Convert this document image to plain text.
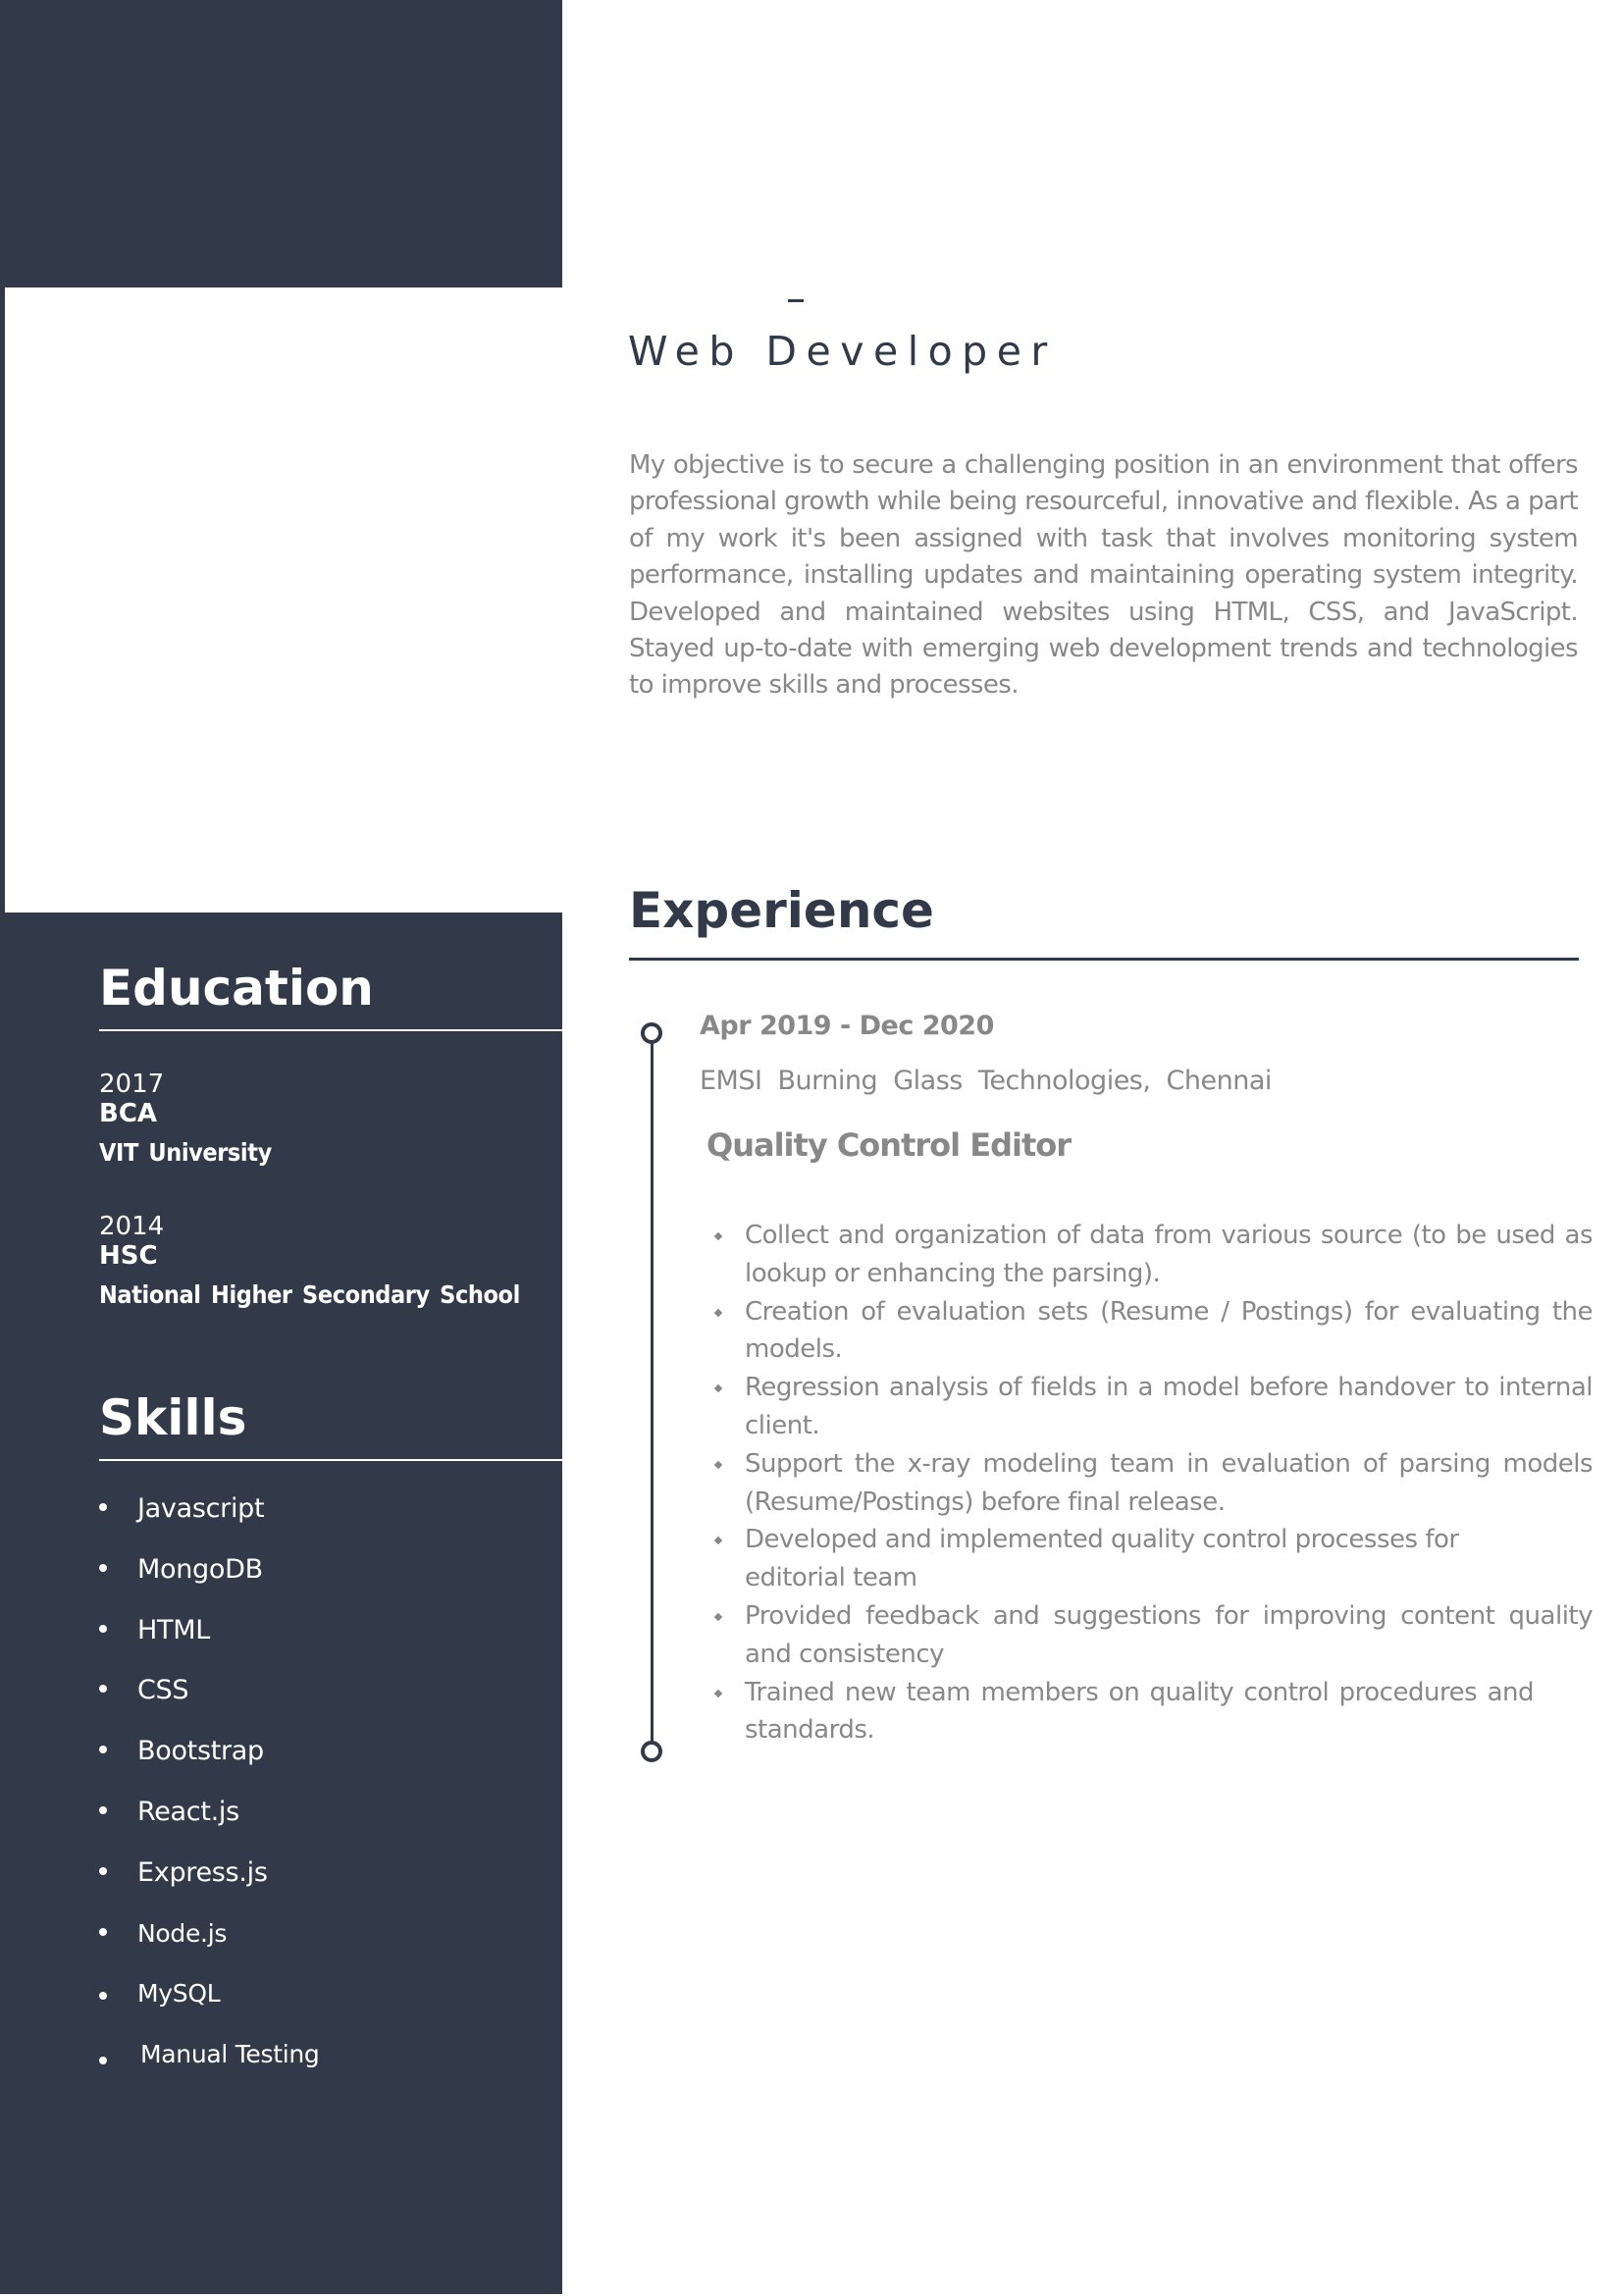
Education
2017
BCA
VIT University
2014
HSC
National Higher Secondary School
Skills
Javascript
MongoDB
HTML
CSS
Bootstrap
React.js
Express.js
Node.js
MySQL
Manual Testing
Web Developer

My objective is to secure a challenging position in an environment that offers professional growth while being resourceful, innovative and flexible. As a part of my work it's been assigned with task that involves monitoring system performance, installing updates and maintaining operating system integrity. Developed and maintained websites using HTML, CSS, and JavaScript. Stayed up-to-date with emerging web development trends and technologies to improve skills and processes.

Experience
Apr 2019 - Dec 2020
EMSI Burning Glass Technologies, Chennai
Quality Control Editor
Collect and organization of data from various source (to be used as lookup or enhancing the parsing).
Creation of evaluation sets (Resume / Postings) for evaluating the models.
Regression analysis of fields in a model before handover to internal client.
Support the x-ray modeling team in evaluation of parsing models (Resume/Postings) before final release.
Developed and implemented quality control processes for editorial team
Provided feedback and suggestions for improving content quality and consistency
Trained new team members on quality control procedures and standards.
